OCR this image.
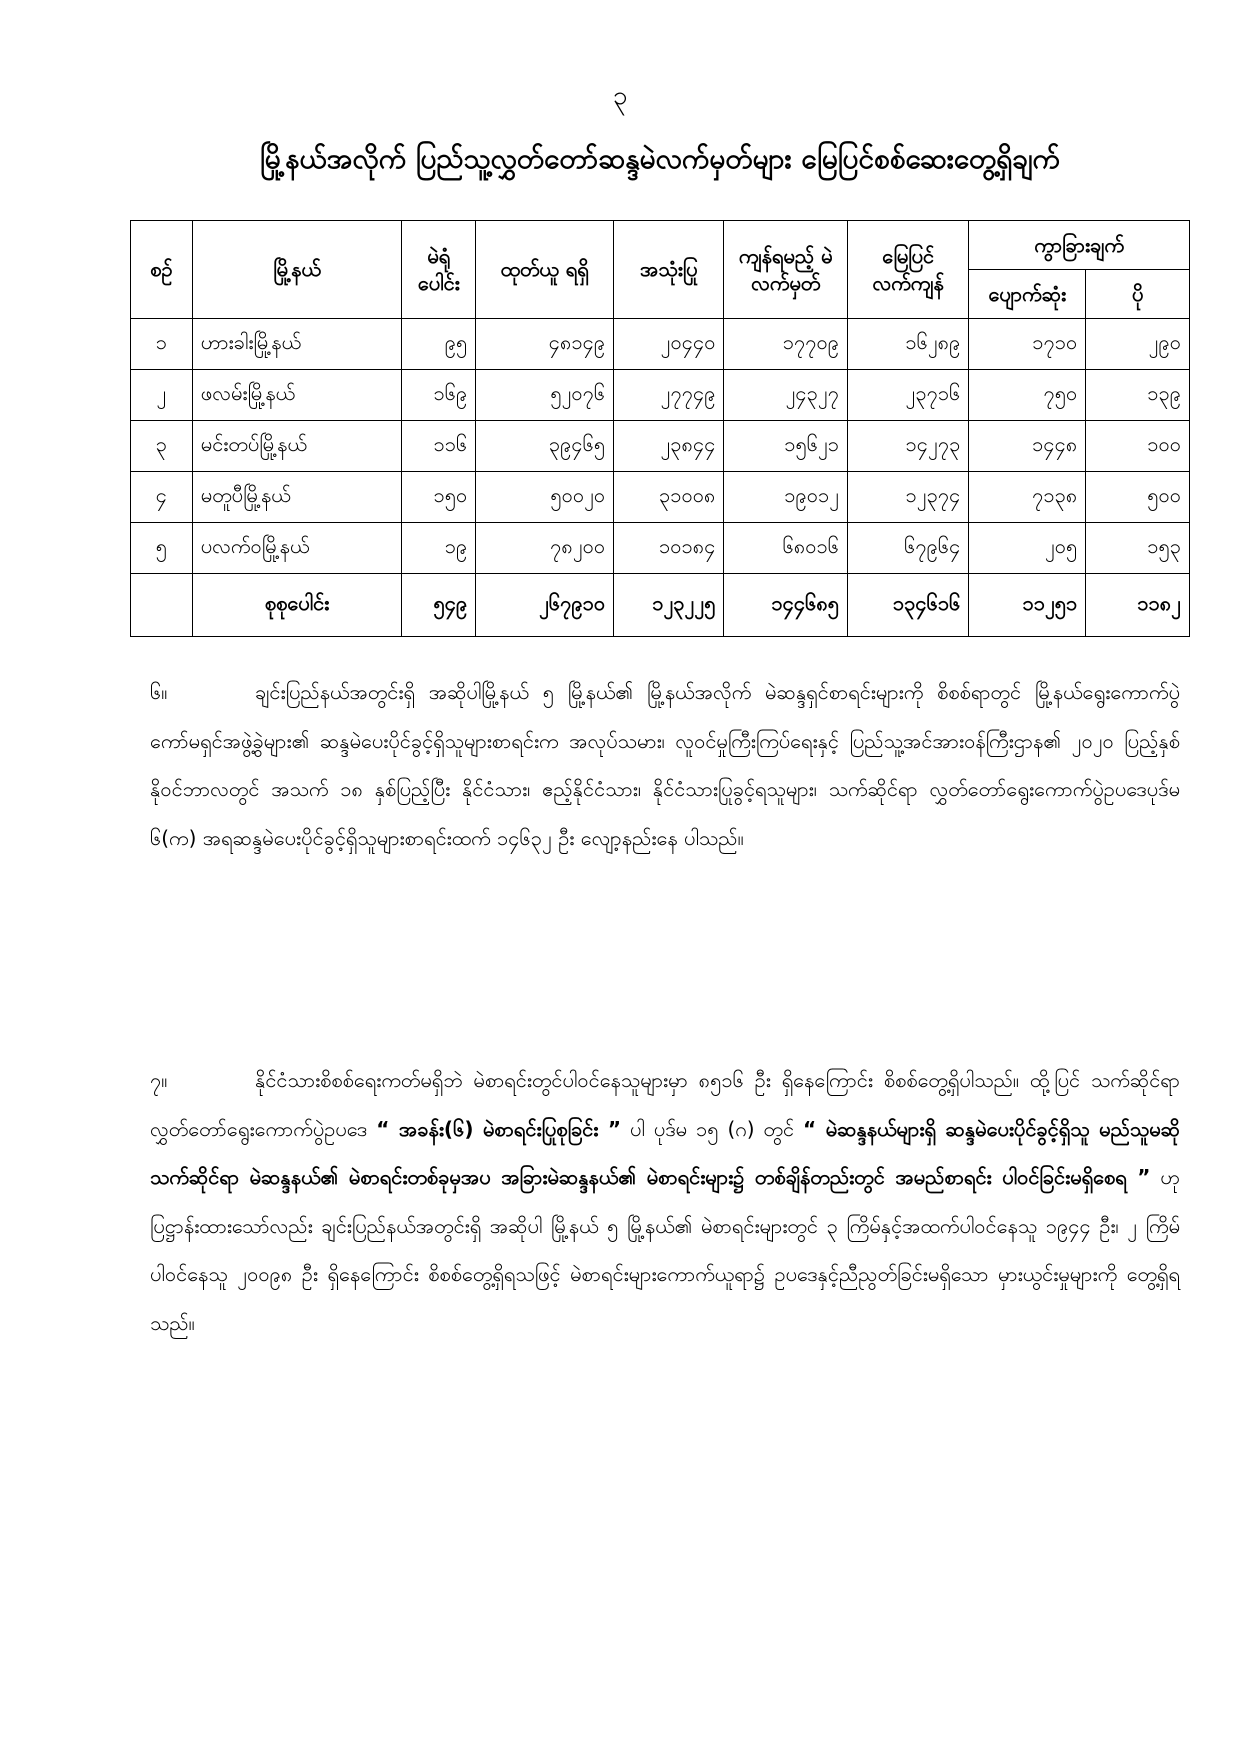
၃
မြို့နယ်အလိုက် ပြည်သူ့လွှတ်တော်ဆန္ဒမဲလက်မှတ်များ မြေပြင်စစ်ဆေးတွေ့ရှိချက်
စဉ်	မြို့နယ်	မဲရုံ ပေါင်း	ထုတ်ယူ ရရှိ	အသုံးပြု	ကျန်ရမည့် မဲလက်မှတ်	မြေပြင် လက်ကျန်	ကွာခြားချက်	
							ပျောက်ဆုံး	ပို
၁	ဟားခါးမြို့နယ်	၉၅	၄၈၁၄၉	၂၀၄၄၀	၁၇၇၀၉	၁၆၂၈၉	၁၇၁၀	၂၉၀
၂	ဖလမ်းမြို့နယ်	၁၆၉	၅၂၀၇၆	၂၇၇၄၉	၂၄၃၂၇	၂၃၇၁၆	၇၅၀	၁၃၉
၃	မင်းတပ်မြို့နယ်	၁၁၆	၃၉၄၆၅	၂၃၈၄၄	၁၅၆၂၁	၁၄၂၇၃	၁၄၄၈	၁၀၀
၄	မတူပီမြို့နယ်	၁၅၀	၅၀၀၂၀	၃၁၀၀၈	၁၉၀၁၂	၁၂၃၇၄	၇၁၃၈	၅၀၀
၅	ပလက်ဝမြို့နယ်	၁၉	၇၈၂၀၀	၁၀၁၈၄	၆၈၀၁၆	၆၇၉၆၄	၂၀၅	၁၅၃
	စုစုပေါင်း	၅၄၉	၂၆၇၉၁၀	၁၂၃၂၂၅	၁၄၄၆၈၅	၁၃၄၆၁၆	၁၁၂၅၁	၁၁၈၂
၆။	ချင်းပြည်နယ်အတွင်းရှိ အဆိုပါမြို့နယ် ၅ မြို့နယ်၏ မြို့နယ်အလိုက် မဲဆန္ဒရှင်စာရင်းများကို စိစစ်ရာတွင် မြို့နယ်ရွေးကောက်ပွဲကော်မရှင်အဖွဲ့ခွဲများ၏ ဆန္ဒမဲပေးပိုင်ခွင့်ရှိသူများစာရင်းက အလုပ်သမား၊ လူဝင်မှုကြီးကြပ်ရေးနှင့် ပြည်သူ့အင်အားဝန်ကြီးဌာန၏ ၂၀၂၀ ပြည့်နှစ် နိုဝင်ဘာလတွင် အသက် ၁၈ နှစ်ပြည့်ပြီး နိုင်ငံသား၊ ဧည့်နိုင်ငံသား၊ နိုင်ငံသားပြုခွင့်ရသူများ၊ သက်ဆိုင်ရာ လွှတ်တော်ရွေးကောက်ပွဲဥပဒေပုဒ်မ ၆(က) အရဆန္ဒမဲပေးပိုင်ခွင့်ရှိသူများစာရင်းထက် ၁၄၆၃၂ ဦး လျော့နည်းနေ ပါသည်။
၇။	နိုင်ငံသားစိစစ်ရေးကတ်မရှိဘဲ မဲစာရင်းတွင်ပါဝင်နေသူများမှာ ၈၅၁၆ ဦး ရှိနေကြောင်း စိစစ်တွေ့ရှိပါသည်။ ထို့ပြင် သက်ဆိုင်ရာ လွှတ်တော်ရွေးကောက်ပွဲဥပဒေ “ အခန်း(၆) မဲစာရင်းပြုစုခြင်း ” ပါ ပုဒ်မ ၁၅ (ဂ) တွင် “ မဲဆန္ဒနယ်များရှိ ဆန္ဒမဲပေးပိုင်ခွင့်ရှိသူ မည်သူမဆို သက်ဆိုင်ရာ မဲဆန္ဒနယ်၏ မဲစာရင်းတစ်ခုမှအပ အခြားမဲဆန္ဒနယ်၏ မဲစာရင်းများ၌ တစ်ချိန်တည်းတွင် အမည်စာရင်း ပါဝင်ခြင်းမရှိစေရ ” ဟု ပြဋ္ဌာန်းထားသော်လည်း ချင်းပြည်နယ်အတွင်းရှိ အဆိုပါ မြို့နယ် ၅ မြို့နယ်၏ မဲစာရင်းများတွင် ၃ ကြိမ်နှင့်အထက်ပါဝင်နေသူ ၁၉၄၄ ဦး၊ ၂ ကြိမ်ပါဝင်နေသူ ၂၀၀၉၈ ဦး ရှိနေကြောင်း စိစစ်တွေ့ရှိရသဖြင့် မဲစာရင်းများကောက်ယူရာ၌ ဥပဒေနှင့်ညီညွတ်ခြင်းမရှိသော မှားယွင်းမှုများကို တွေ့ရှိရသည်။
